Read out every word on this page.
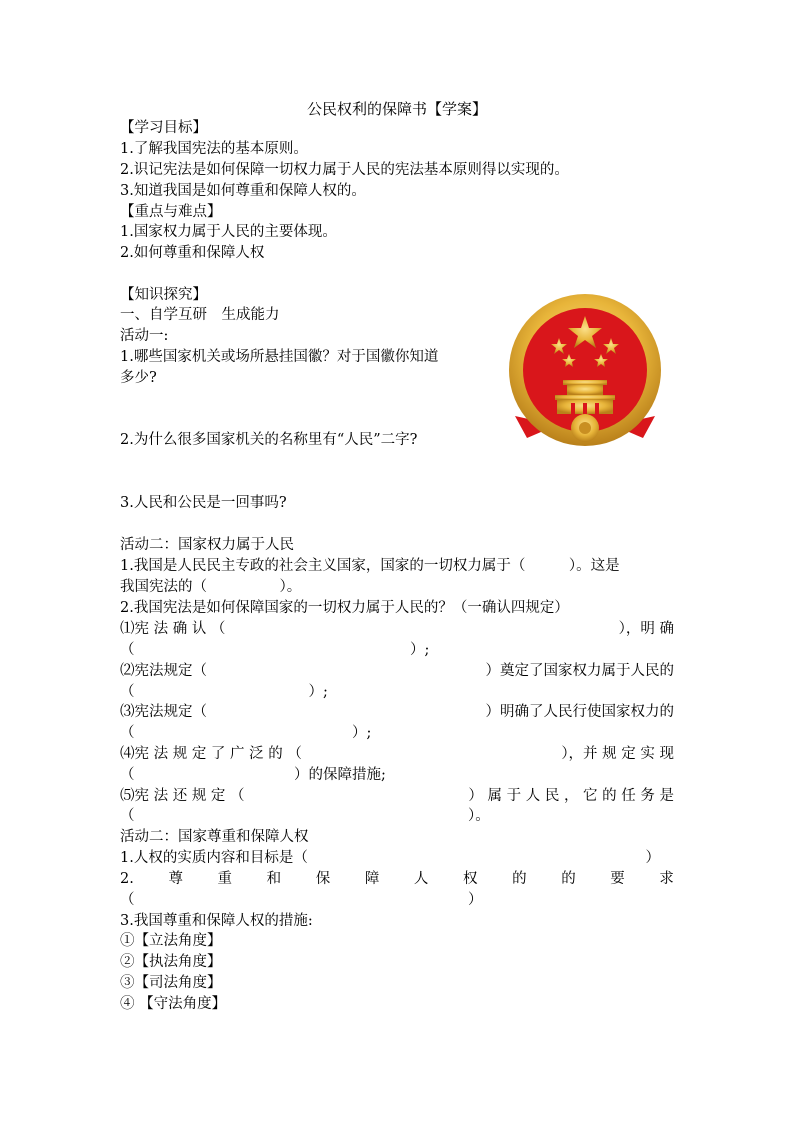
公民权利的保障书【学案】
【学习目标】
1.了解我国宪法的基本原则。
2.识记宪法是如何保障一切权力属于人民的宪法基本原则得以实现的。
3.知道我国是如何尊重和保障人权的。
【重点与难点】
1.国家权力属于人民的主要体现。
2.如何尊重和保障人权
【知识探究】
一、自学互研　生成能力
活动一:
1.哪些国家机关或场所悬挂国徽？对于国徽你知道
多少?
2.为什么很多国家机关的名称里有“人民”二字?
3.人民和公民是一回事吗?
活动二：国家权力属于人民
1.我国是人民民主专政的社会主义国家，国家的一切权力属于（　　　）。这是
我国宪法的（　　　　　）。
2.我国宪法是如何保障国家的一切权力属于人民的？（一确认四规定）
⑴宪 法 确 认 （	），明 确
（　　　　　　　　　　　　　　　　　　　）;
⑵宪法规定（	）奠定了国家权力属于人民的
（　　　　　　　　　　　　）;
⑶宪法规定（	）明确了人民行使国家权力的
（　　　　　　　　　　　　　　　）;
⑷宪 法 规 定 了 广 泛 的 （	），并 规 定 实 现
（　　　　　　　　　　　）的保障措施;
⑸宪 法 还 规 定 （	） 属 于 人 民 ， 它 的 任 务 是
（　　　　　　　　　　　　　　　　　　　　　　　）。
活动二：国家尊重和保障人权
1.人权的实质内容和目标是（	）
2. 尊 重 和 保 障 人 权 的 的 要 求
（　　　　　　　　　　　　　　　　　　　　　　　）
3.我国尊重和保障人权的措施:
①【立法角度】
②【执法角度】
③【司法角度】
④ 【守法角度】
